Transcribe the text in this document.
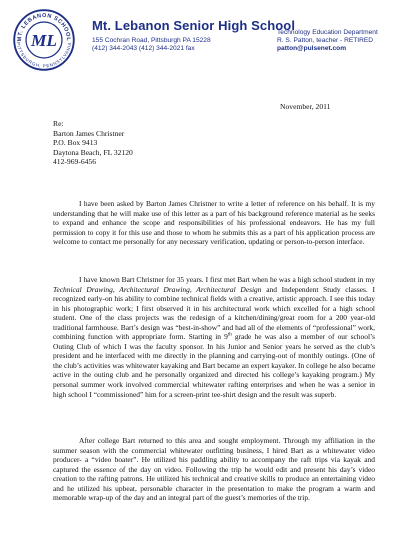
MT. LEBANON SCHOOL
PITTSBURGH, PENNSYLVANIA
ML
Mt. Lebanon Senior High School
155 Cochran Road, Pittsburgh PA 15228
(412) 344-2043 (412) 344-2021 fax
Technology Education Department
R. S. Patton, teacher - RETIRED
patton@pulsenet.com
November, 2011
Re:
Barton James Christner
P.O. Box 9413
Daytona Beach, FL 32120
412-969-6456

I have been asked by Barton James Christner to write a letter of reference on his behalf. It is my understanding that he will make use of this letter as a part of his background reference material as he seeks to expand and enhance the scope and responsibilities of his professional endeavors. He has my full permission to copy it for this use and those to whom he submits this as a part of his application process are welcome to contact me personally for any necessary verification, updating or person-to-person interface.

I have known Bart Christner for 35 years. I first met Bart when he was a high school student in my Technical Drawing, Architectural Drawing, Architectural Design and Independent Study classes. I recognized early-on his ability to combine technical fields with a creative, artistic approach. I see this today in his photographic work; I first observed it in his architectural work which excelled for a high school student. One of the class projects was the redesign of a kitchen/dining/great room for a 200 year-old traditional farmhouse. Bart’s design was “best-in-show” and had all of the elements of “professional” work, combining function with appropriate form. Starting in 9th grade he was also a member of our school’s Outing Club of which I was the faculty sponsor. In his Junior and Senior years he served as the club’s president and he interfaced with me directly in the planning and carrying-out of monthly outings. (One of the club’s activities was whitewater kayaking and Bart became an expert kayaker. In college he also became active in the outing club and he personally organized and directed his college’s kayaking program.) My personal summer work involved commercial whitewater rafting enterprises and when he was a senior in high school I “commissioned” him for a screen-print tee-shirt design and the result was superb.

After college Bart returned to this area and sought employment. Through my affiliation in the summer season with the commercial whitewater outfitting business, I hired Bart as a whitewater video producer- a “video boater”. He utilized his paddling ability to accompany the raft trips via kayak and captured the essence of the day on video. Following the trip he would edit and present his day’s video creation to the rafting patrons. He utilized his technical and creative skills to produce an entertaining video and he utilized his upbeat, personable character in the presentation to make the program a warm and memorable wrap-up of the day and an integral part of the guest’s memories of the trip.
